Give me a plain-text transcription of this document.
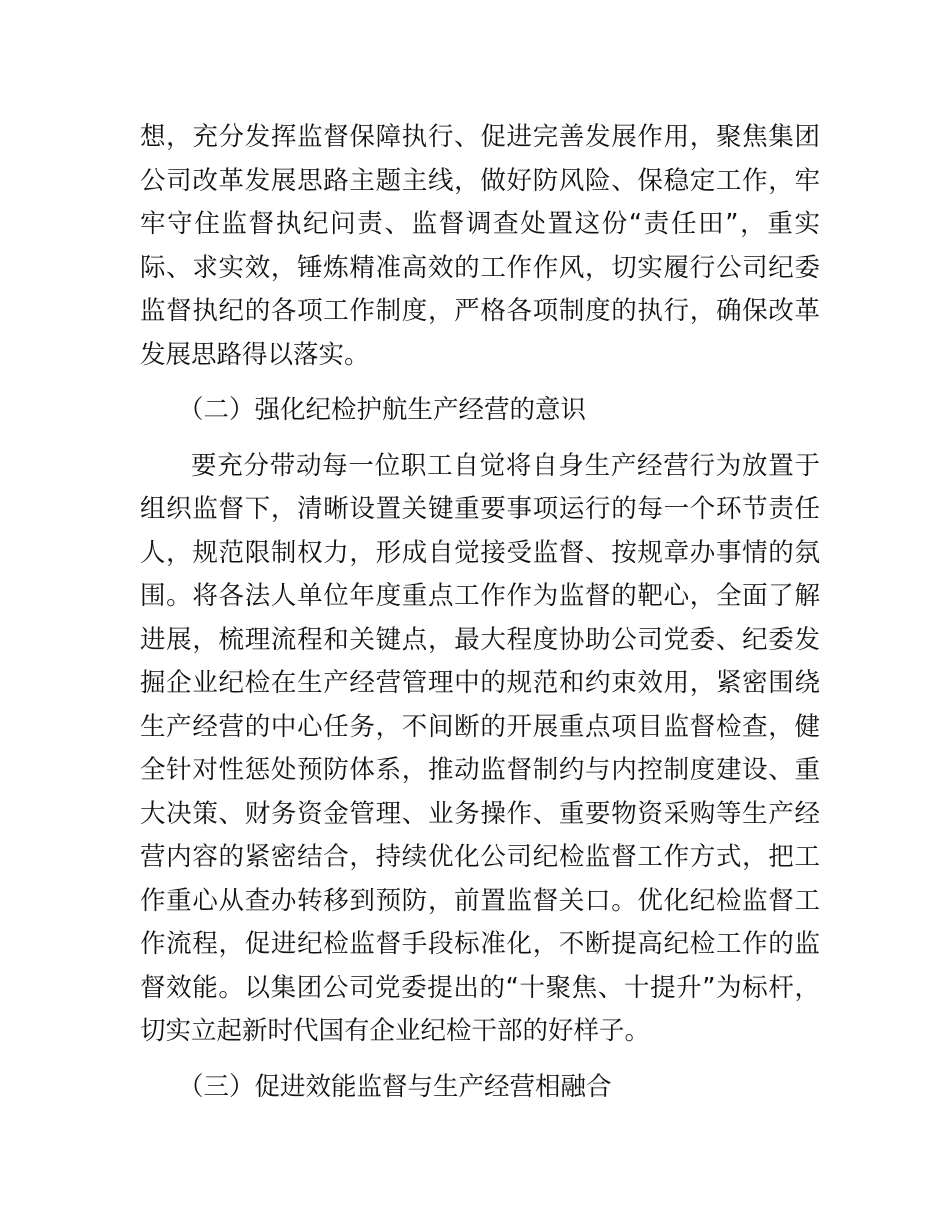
想，充分发挥监督保障执行、促进完善发展作用，聚焦集团公司改革发展思路主题主线，做好防风险、保稳定工作，牢牢守住监督执纪问责、监督调查处置这份“责任田”，重实际、求实效，锤炼精准高效的工作作风，切实履行公司纪委监督执纪的各项工作制度，严格各项制度的执行，确保改革发展思路得以落实。

（二）强化纪检护航生产经营的意识

要充分带动每一位职工自觉将自身生产经营行为放置于组织监督下，清晰设置关键重要事项运行的每一个环节责任人，规范限制权力，形成自觉接受监督、按规章办事情的氛围。将各法人单位年度重点工作作为监督的靶心，全面了解进展，梳理流程和关键点，最大程度协助公司党委、纪委发掘企业纪检在生产经营管理中的规范和约束效用，紧密围绕生产经营的中心任务，不间断的开展重点项目监督检查，健全针对性惩处预防体系，推动监督制约与内控制度建设、重大决策、财务资金管理、业务操作、重要物资采购等生产经营内容的紧密结合，持续优化公司纪检监督工作方式，把工作重心从查办转移到预防，前置监督关口。优化纪检监督工作流程，促进纪检监督手段标准化，不断提高纪检工作的监督效能。以集团公司党委提出的“十聚焦、十提升”为标杆，切实立起新时代国有企业纪检干部的好样子。

（三）促进效能监督与生产经营相融合
